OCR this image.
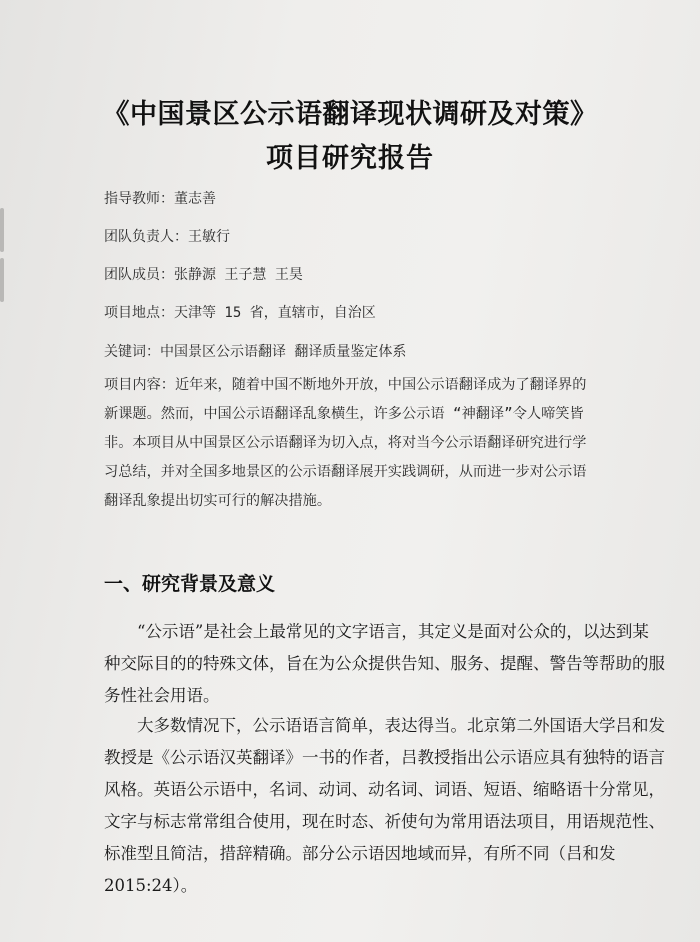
《中国景区公示语翻译现状调研及对策》
项目研究报告
指导教师：董志善
团队负责人：王敏行
团队成员：张静源 王子慧 王昊
项目地点：天津等 15 省，直辖市，自治区
关键词：中国景区公示语翻译 翻译质量鉴定体系
项目内容：近年来，随着中国不断地外开放，中国公示语翻译成为了翻译界的
新课题。然而，中国公示语翻译乱象横生，许多公示语 “神翻译”令人啼笑皆
非。本项目从中国景区公示语翻译为切入点，将对当今公示语翻译研究进行学
习总结，并对全国多地景区的公示语翻译展开实践调研，从而进一步对公示语
翻译乱象提出切实可行的解决措施。
一、研究背景及意义
　　“公示语”是社会上最常见的文字语言，其定义是面对公众的，以达到某
种交际目的的特殊文体，旨在为公众提供告知、服务、提醒、警告等帮助的服
务性社会用语。
　　大多数情况下，公示语语言简单，表达得当。北京第二外国语大学吕和发
教授是《公示语汉英翻译》一书的作者，吕教授指出公示语应具有独特的语言
风格。英语公示语中，名词、动词、动名词、词语、短语、缩略语十分常见，
文字与标志常常组合使用，现在时态、祈使句为常用语法项目，用语规范性、
标准型且简洁，措辞精确。部分公示语因地域而异，有所不同（吕和发
2015:24）。
